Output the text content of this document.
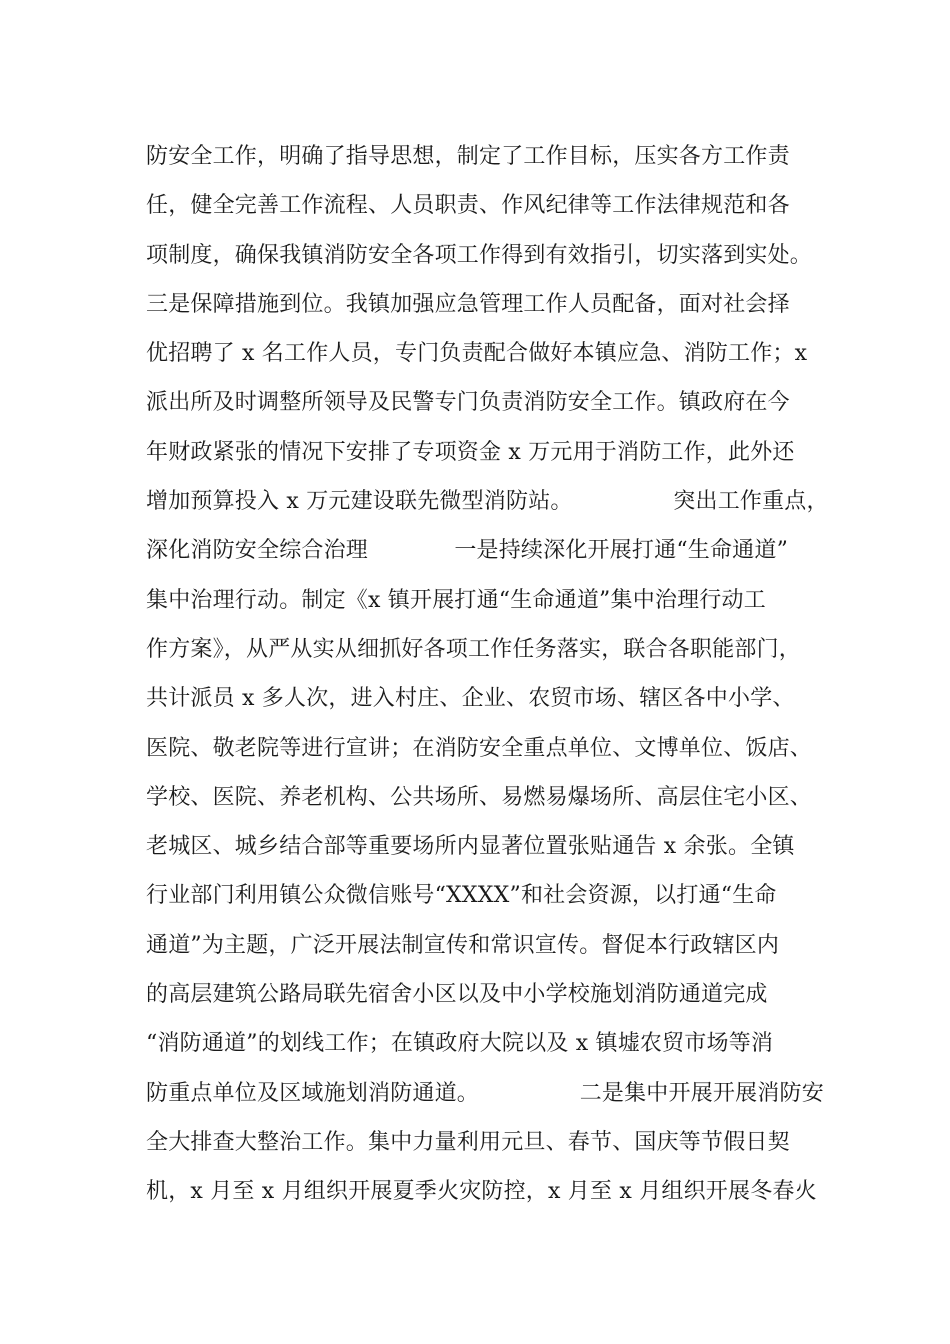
防安全工作，明确了指导思想，制定了工作目标，压实各方工作责
任，健全完善工作流程、人员职责、作风纪律等工作法律规范和各
项制度，确保我镇消防安全各项工作得到有效指引，切实落到实处。
三是保障措施到位。我镇加强应急管理工作人员配备，面对社会择
优招聘了 x 名工作人员，专门负责配合做好本镇应急、消防工作；x
派出所及时调整所领导及民警专门负责消防安全工作。镇政府在今
年财政紧张的情况下安排了专项资金 x 万元用于消防工作，此外还
增加预算投入 x 万元建设联先微型消防站。              突出工作重点，
深化消防安全综合治理            一是持续深化开展打通“生命通道”
集中治理行动。制定《x 镇开展打通“生命通道”集中治理行动工
作方案》，从严从实从细抓好各项工作任务落实，联合各职能部门，
共计派员 x 多人次，进入村庄、企业、农贸市场、辖区各中小学、
医院、敬老院等进行宣讲；在消防安全重点单位、文博单位、饭店、
学校、医院、养老机构、公共场所、易燃易爆场所、高层住宅小区、
老城区、城乡结合部等重要场所内显著位置张贴通告 x 余张。全镇
行业部门利用镇公众微信账号“XXXX”和社会资源，以打通“生命
通道”为主题，广泛开展法制宣传和常识宣传。督促本行政辖区内
的高层建筑公路局联先宿舍小区以及中小学校施划消防通道完成
“消防通道”的划线工作；在镇政府大院以及 x 镇墟农贸市场等消
防重点单位及区域施划消防通道。              二是集中开展开展消防安
全大排查大整治工作。集中力量利用元旦、春节、国庆等节假日契
机，x 月至 x 月组织开展夏季火灾防控，x 月至 x 月组织开展冬春火
